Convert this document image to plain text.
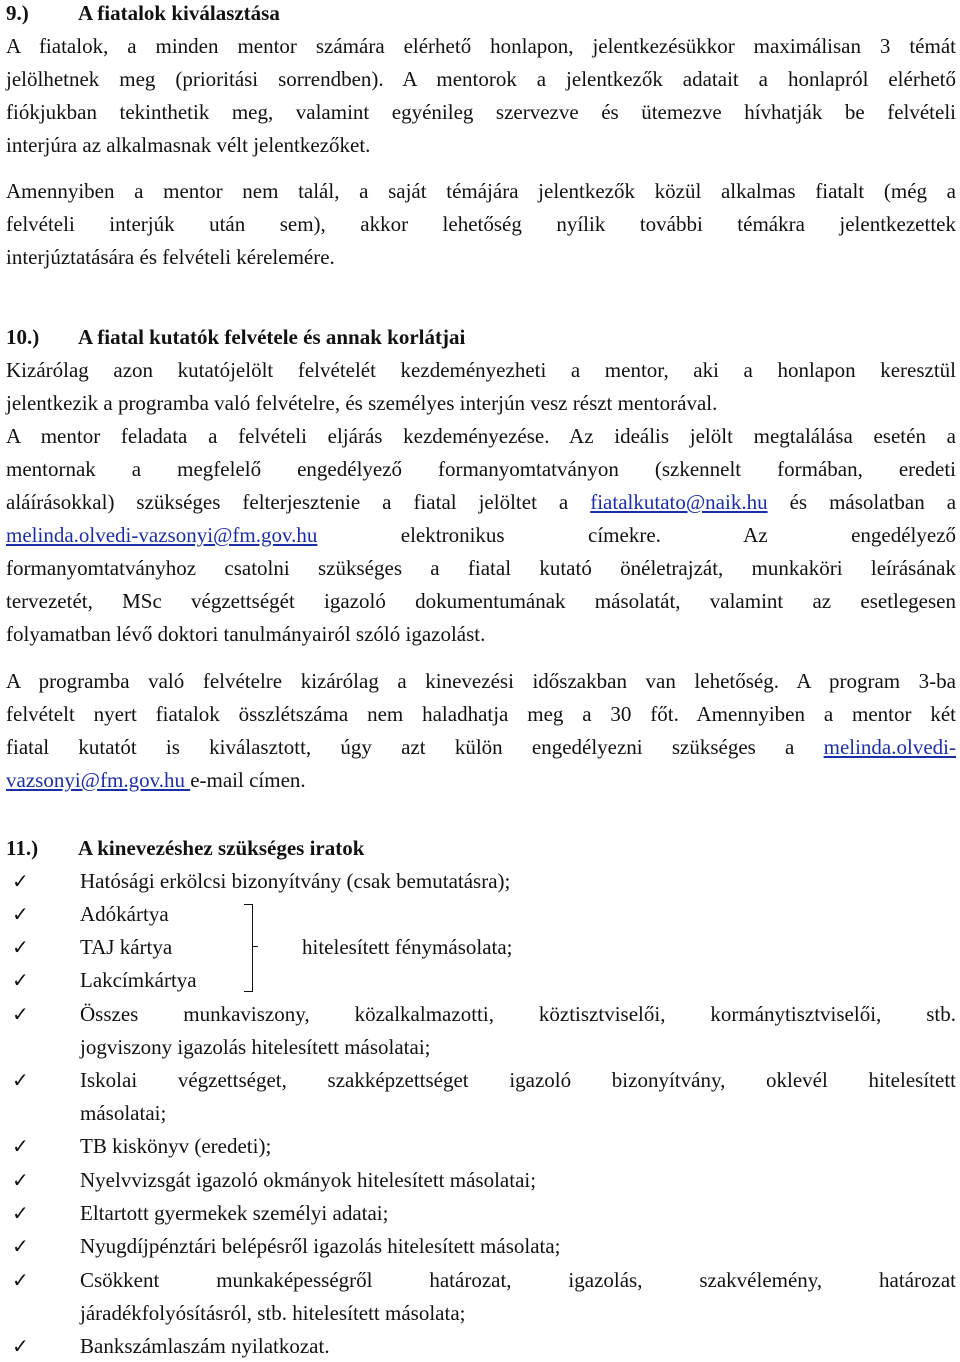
9.) A fiatalok kiválasztása
A fiatalok, a minden mentor számára elérhető honlapon, jelentkezésükkor maximálisan 3 témát
jelölhetnek meg (prioritási sorrendben). A mentorok a jelentkezők adatait a honlapról elérhető
fiókjukban tekinthetik meg, valamint egyénileg szervezve és ütemezve hívhatják be felvételi
interjúra az alkalmasnak vélt jelentkezőket.
Amennyiben a mentor nem talál, a saját témájára jelentkezők közül alkalmas fiatalt (még a
felvételi interjúk után sem), akkor lehetőség nyílik további témákra jelentkezettek
interjúztatására és felvételi kérelemére.
10.) A fiatal kutatók felvétele és annak korlátjai
Kizárólag azon kutatójelölt felvételét kezdeményezheti a mentor, aki a honlapon keresztül
jelentkezik a programba való felvételre, és személyes interjún vesz részt mentorával.
A mentor feladata a felvételi eljárás kezdeményezése. Az ideális jelölt megtalálása esetén a
mentornak a megfelelő engedélyező formanyomtatványon (szkennelt formában, eredeti
aláírásokkal) szükséges felterjesztenie a fiatal jelöltet a fiatalkutato@naik.hu és másolatban a
melinda.olvedi-vazsonyi@fm.gov.hu	elektronikus címekre. Az engedélyező
formanyomtatványhoz csatolni szükséges a fiatal kutató önéletrajzát, munkaköri leírásának
tervezetét, MSc végzettségét igazoló dokumentumának másolatát, valamint az esetlegesen
folyamatban lévő doktori tanulmányairól szóló igazolást.
A programba való felvételre kizárólag a kinevezési időszakban van lehetőség. A program 3-ba
felvételt nyert fiatalok összlétszáma nem haladhatja meg a 30 főt. Amennyiben a mentor két
fiatal kutatót is kiválasztott, úgy azt külön engedélyezni szükséges a melinda.olvedi-
vazsonyi@fm.gov.hu e-mail címen.
11.) A kinevezéshez szükséges iratok
✓	Hatósági erkölcsi bizonyítvány (csak bemutatásra);
✓	Adókártya
✓	TAJ kártya	hitelesített fénymásolata;
✓	Lakcímkártya
✓	Összes munkaviszony, közalkalmazotti, köztisztviselői, kormánytisztviselői, stb.
jogviszony igazolás hitelesített másolatai;
✓	Iskolai végzettséget, szakképzettséget igazoló bizonyítvány, oklevél hitelesített
másolatai;
✓	TB kiskönyv (eredeti);
✓	Nyelvvizsgát igazoló okmányok hitelesített másolatai;
✓	Eltartott gyermekek személyi adatai;
✓	Nyugdíjpénztári belépésről igazolás hitelesített másolata;
✓	Csökkent munkaképességről határozat, igazolás, szakvélemény, határozat
járadékfolyósításról, stb. hitelesített másolata;
✓	Bankszámlaszám nyilatkozat.
